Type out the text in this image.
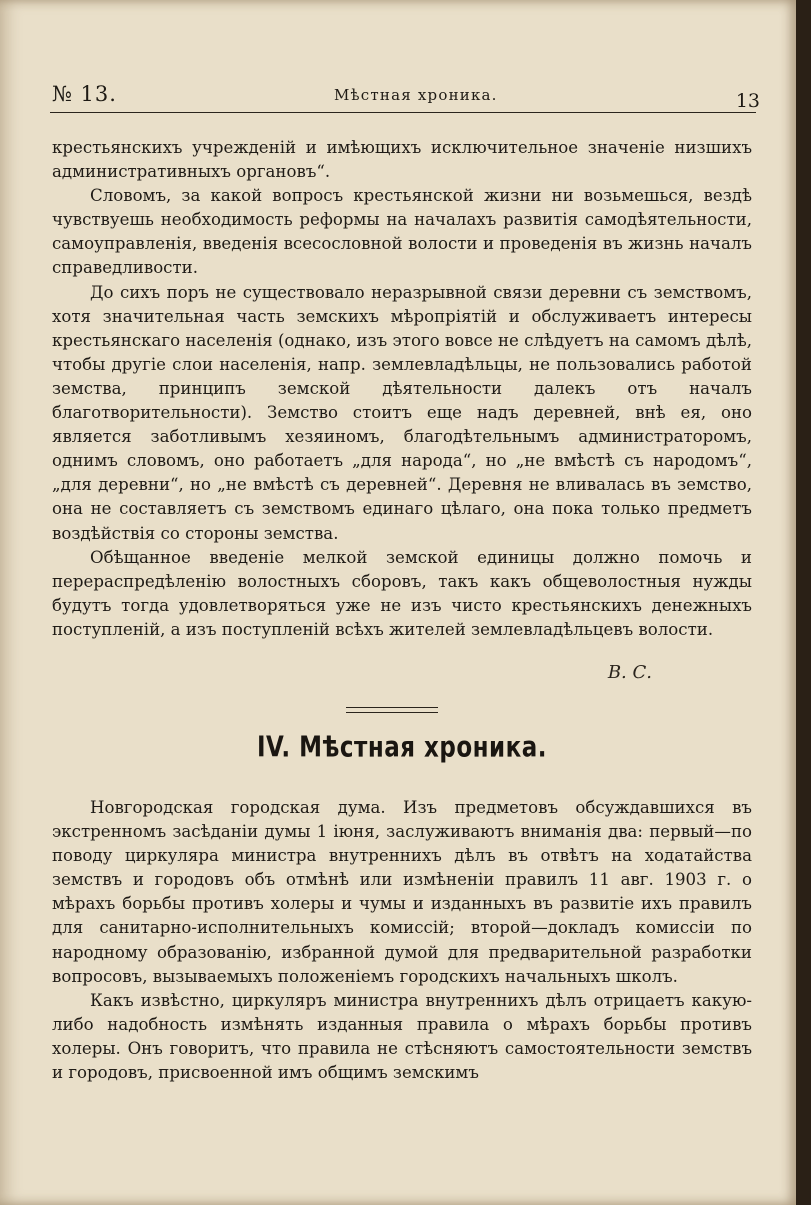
№ 13.	Мѣстная хроника.	13

крестьянскихъ учрежденій и имѣющихъ исключительное значеніе низшихъ административныхъ органовъ“.

Словомъ, за какой вопросъ крестьянской жизни ни возьмешься, вездѣ чувствуешь необходимость реформы на началахъ развитія самодѣятельности, самоуправленія, введенія всесословной волости и проведенія въ жизнь началъ справедливости.

До сихъ поръ не существовало неразрывной связи деревни съ земствомъ, хотя значительная часть земскихъ мѣропріятій и обслуживаетъ интересы крестьянскаго населенія (однако, изъ этого вовсе не слѣдуетъ на самомъ дѣлѣ, чтобы другіе слои населенія, напр. землевладѣльцы, не пользовались работой земства, принципъ земской дѣятельности далекъ отъ началъ благотворительности). Земство стоитъ еще надъ деревней, внѣ ея, оно является заботливымъ хезяиномъ, благодѣтельнымъ администраторомъ, однимъ словомъ, оно работаетъ „для народа“, но „не вмѣстѣ съ народомъ“, „для деревни“, но „не вмѣстѣ съ деревней“. Деревня не вливалась въ земство, она не составляетъ съ земствомъ единаго цѣлаго, она пока только предметъ воздѣйствія со стороны земства.

Обѣщанное введеніе мелкой земской единицы должно помочь и перераспредѣленію волостныхъ сборовъ, такъ какъ общеволостныя нужды будутъ тогда удовлетворяться уже не изъ чисто крестьянскихъ денежныхъ поступленій, а изъ поступленій всѣхъ жителей землевладѣльцевъ волости.

В. С.
IV. Мѣстная хроника.

Новгородская городская дума. Изъ предметовъ обсуждавшихся въ экстренномъ засѣданіи думы 1 іюня, заслуживаютъ вниманія два: первый—по поводу циркуляра министра внутреннихъ дѣлъ въ отвѣтъ на ходатайства земствъ и городовъ объ отмѣнѣ или измѣненіи правилъ 11 авг. 1903 г. о мѣрахъ борьбы противъ холеры и чумы и изданныхъ въ развитіе ихъ правилъ для санитарно-исполнительныхъ комиссій; второй—докладъ комиссіи по народному образованію, избранной думой для предварительной разработки вопросовъ, вызываемыхъ положеніемъ городскихъ начальныхъ школъ.

Какъ извѣстно, циркуляръ министра внутреннихъ дѣлъ отрицаетъ какую-либо надобность измѣнять изданныя правила о мѣрахъ борьбы противъ холеры. Онъ говоритъ, что правила не стѣсняютъ самостоятельности земствъ и городовъ, присвоенной имъ общимъ земскимъ
